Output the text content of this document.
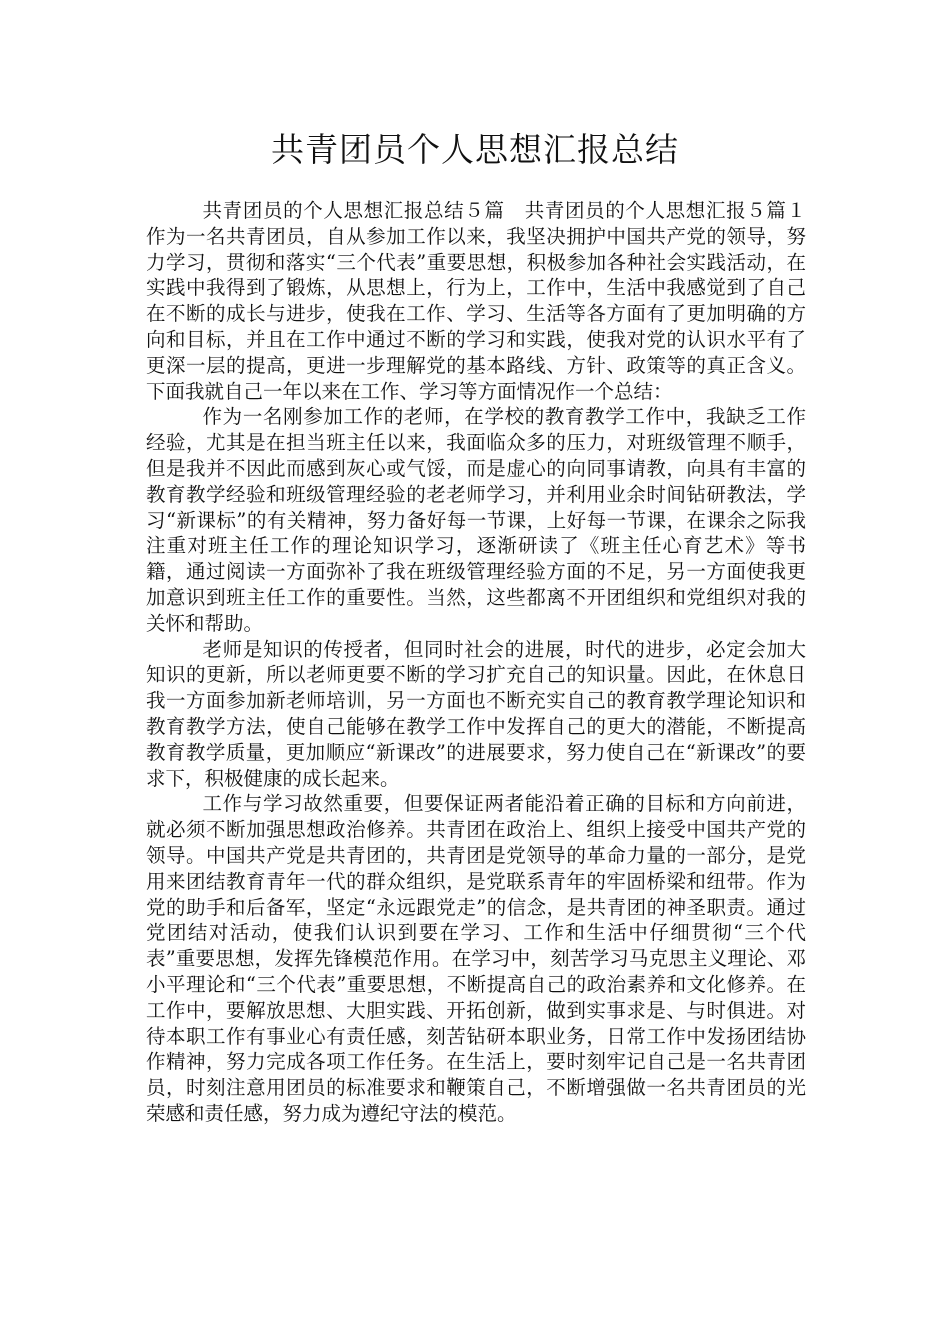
共青团员个人思想汇报总结

共青团员的个人思想汇报总结５篇　共青团员的个人思想汇报５篇１ 作为一名共青团员，自从参加工作以来，我坚决拥护中国共产党的领导，努力学习，贯彻和落实“三个代表”重要思想，积极参加各种社会实践活动，在实践中我得到了锻炼，从思想上，行为上，工作中，生活中我感觉到了自己在不断的成长与进步，使我在工作、学习、生活等各方面有了更加明确的方向和目标，并且在工作中通过不断的学习和实践，使我对党的认识水平有了更深一层的提高，更进一步理解党的基本路线、方针、政策等的真正含义。下面我就自己一年以来在工作、学习等方面情况作一个总结：

作为一名刚参加工作的老师，在学校的教育教学工作中，我缺乏工作经验，尤其是在担当班主任以来，我面临众多的压力，对班级管理不顺手，但是我并不因此而感到灰心或气馁，而是虚心的向同事请教，向具有丰富的教育教学经验和班级管理经验的老老师学习，并利用业余时间钻研教法，学习“新课标”的有关精神，努力备好每一节课，上好每一节课，在课余之际我注重对班主任工作的理论知识学习，逐渐研读了《班主任心育艺术》等书籍，通过阅读一方面弥补了我在班级管理经验方面的不足，另一方面使我更加意识到班主任工作的重要性。当然，这些都离不开团组织和党组织对我的关怀和帮助。

老师是知识的传授者，但同时社会的进展，时代的进步，必定会加大知识的更新，所以老师更要不断的学习扩充自己的知识量。因此，在休息日我一方面参加新老师培训，另一方面也不断充实自己的教育教学理论知识和教育教学方法，使自己能够在教学工作中发挥自己的更大的潜能，不断提高教育教学质量，更加顺应“新课改”的进展要求，努力使自己在“新课改”的要求下，积极健康的成长起来。

工作与学习故然重要，但要保证两者能沿着正确的目标和方向前进，就必须不断加强思想政治修养。共青团在政治上、组织上接受中国共产党的领导。中国共产党是共青团的，共青团是党领导的革命力量的一部分，是党用来团结教育青年一代的群众组织，是党联系青年的牢固桥梁和纽带。作为党的助手和后备军，坚定“永远跟党走”的信念，是共青团的神圣职责。通过党团结对活动，使我们认识到要在学习、工作和生活中仔细贯彻“三个代表”重要思想，发挥先锋模范作用。在学习中，刻苦学习马克思主义理论、邓小平理论和“三个代表”重要思想，不断提高自己的政治素养和文化修养。在工作中，要解放思想、大胆实践、开拓创新，做到实事求是、与时俱进。对待本职工作有事业心有责任感，刻苦钻研本职业务，日常工作中发扬团结协作精神，努力完成各项工作任务。在生活上，要时刻牢记自己是一名共青团员，时刻注意用团员的标准要求和鞭策自己，不断增强做一名共青团员的光荣感和责任感，努力成为遵纪守法的模范。
